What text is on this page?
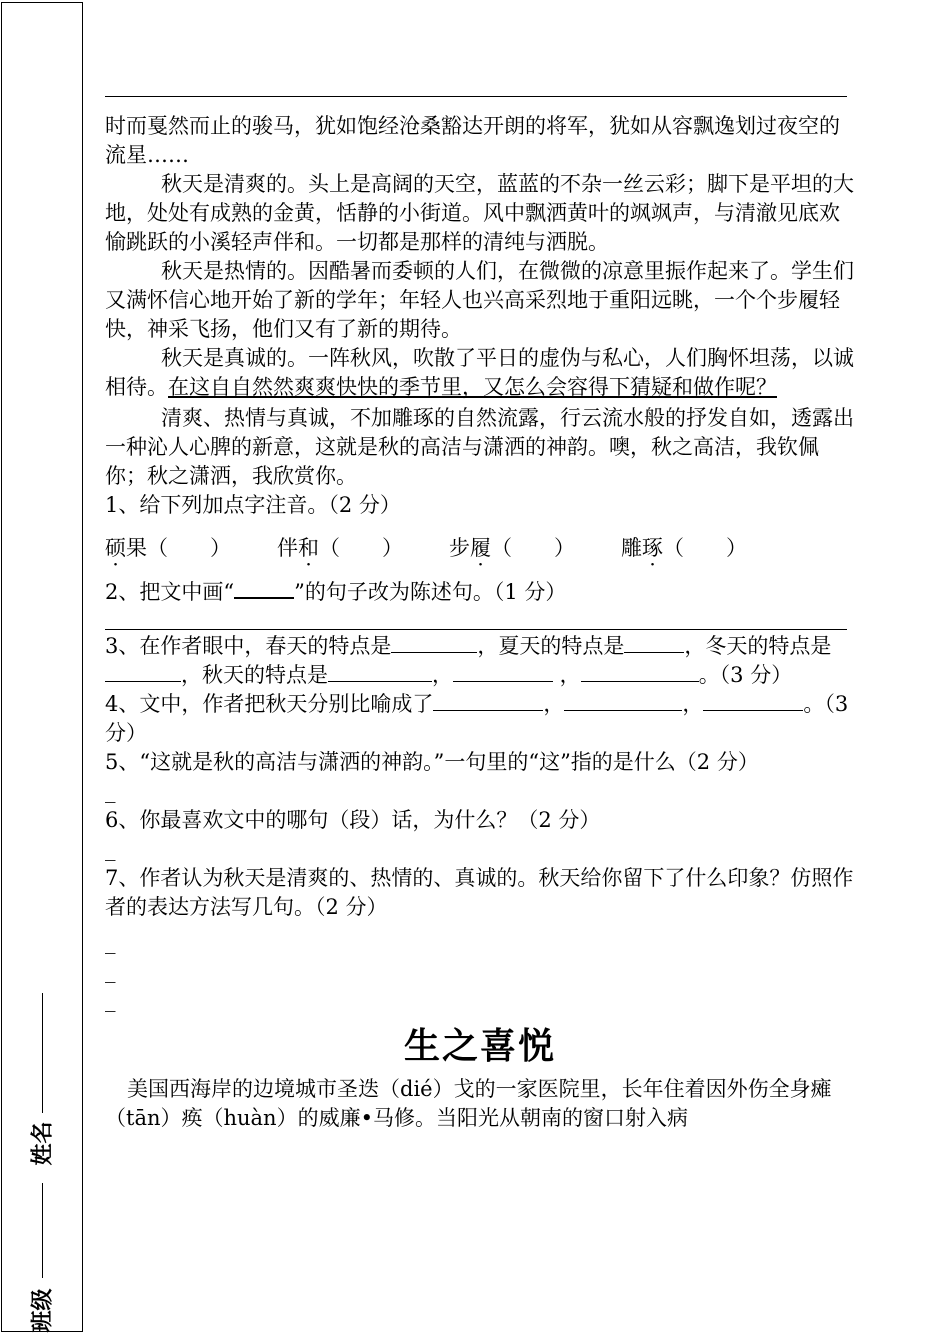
姓名
班级

时而戛然而止的骏马，犹如饱经沧桑豁达开朗的将军，犹如从容飘逸划过夜空的流星……

秋天是清爽的。头上是高阔的天空，蓝蓝的不杂一丝云彩；脚下是平坦的大地，处处有成熟的金黄，恬静的小街道。风中飘洒黄叶的飒飒声，与清澈见底欢愉跳跃的小溪轻声伴和。一切都是那样的清纯与洒脱。

秋天是热情的。因酷暑而委顿的人们，在微微的凉意里振作起来了。学生们又满怀信心地开始了新的学年；年轻人也兴高采烈地于重阳远眺，一个个步履轻快，神采飞扬，他们又有了新的期待。

秋天是真诚的。一阵秋风，吹散了平日的虚伪与私心，人们胸怀坦荡，以诚相待。在这自自然然爽爽快快的季节里，又怎么会容得下猜疑和做作呢？

清爽、热情与真诚，不加雕琢的自然流露，行云流水般的抒发自如，透露出一种沁人心脾的新意，这就是秋的高洁与潇洒的神韵。噢，秋之高洁，我钦佩你；秋之潇洒，我欣赏你。

1、给下列加点字注音。（2 分）

硕果（　　） 伴和（　　） 步履（　　） 雕琢（　　）

2、把文中画“	”的句子改为陈述句。（1 分）

3、在作者眼中，春天的特点是	，夏天的特点是	，冬天的特点是，秋天的特点是	，	，	。（3 分）

4、文中，作者把秋天分别比喻成了	，	，	。（3 分）

5、“这就是秋的高洁与潇洒的神韵。”一句里的“这”指的是什么（2 分）

_

6、你最喜欢文中的哪句（段）话，为什么？（2 分）

_

7、作者认为秋天是清爽的、热情的、真诚的。秋天给你留下了什么印象？仿照作者的表达方法写几句。（2 分）

_

_

_

生之喜悦

美国西海岸的边境城市圣迭（dié）戈的一家医院里，长年住着因外伤全身瘫（tān）痪（huàn）的威廉•马修。当阳光从朝南的窗口射入病
